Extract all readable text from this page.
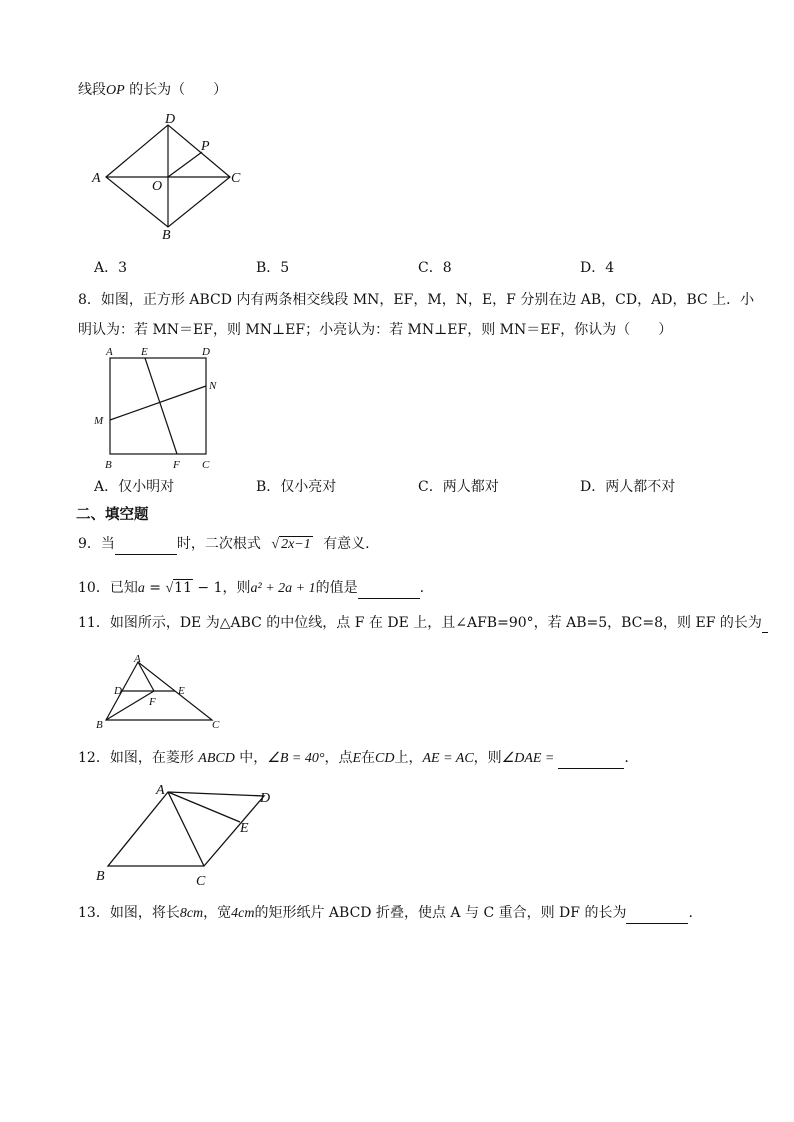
线段OP 的长为（　　）
D
P
A
O
C
B
A．3	B．5	C．8	D．4
8．如图，正方形 ABCD 内有两条相交线段 MN，EF，M，N，E，F 分别在边 AB，CD，AD，BC 上．小
明认为：若 MN＝EF，则 MN⊥EF；小亮认为：若 MN⊥EF，则 MN＝EF，你认为（　　）
A	E	D
N
M
B	F C
A．仅小明对	B．仅小亮对	C．两人都对	D．两人都不对
二、填空题
9．当	时，二次根式 √ 2x−1 有意义.
10．已知a = √11 − 1，则a² + 2a + 1的值是	.
11．如图所示，DE 为△ABC 的中位线，点 F 在 DE 上，且∠AFB=90°，若 AB=5，BC=8，则 EF 的长为
A
D	E
F
B	C
12．如图，在菱形 ABCD 中，∠B = 40°，点E在CD上，AE = AC，则∠DAE =	.
A
D
E
B	C
13．如图，将长8cm，宽4cm的矩形纸片 ABCD 折叠，使点 A 与 C 重合，则 DF 的长为	.
